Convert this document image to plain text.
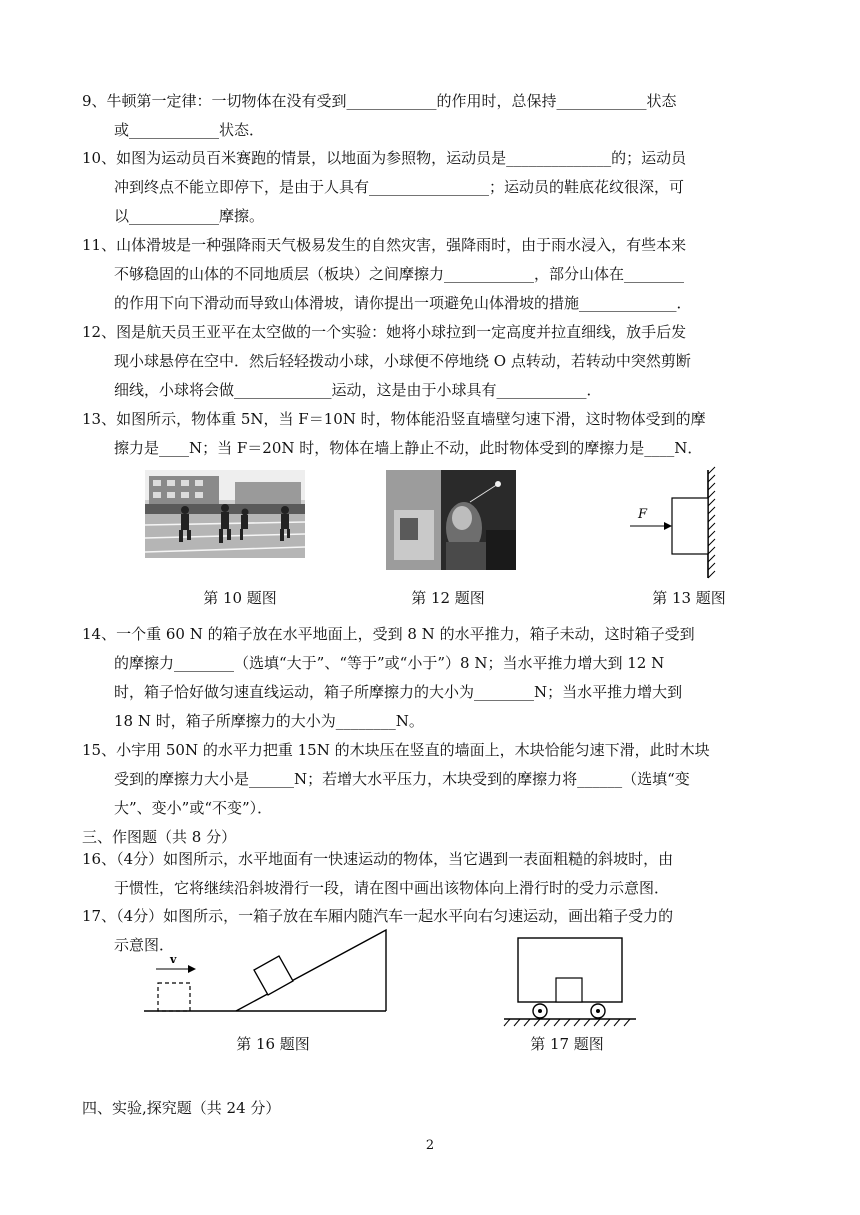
9、牛顿第一定律：一切物体在没有受到____________的作用时，总保持____________状态

或____________状态．

10、如图为运动员百米赛跑的情景，以地面为参照物，运动员是______________的；运动员

冲到终点不能立即停下，是由于人具有________________；运动员的鞋底花纹很深，可

以____________摩擦。

11、山体滑坡是一种强降雨天气极易发生的自然灾害，强降雨时，由于雨水浸入，有些本来

不够稳固的山体的不同地质层（板块）之间摩擦力____________，部分山体在________

的作用下向下滑动而导致山体滑坡，请你提出一项避免山体滑坡的措施_____________．

12、图是航天员王亚平在太空做的一个实验：她将小球拉到一定高度并拉直细线，放手后发

现小球悬停在空中．然后轻轻拨动小球，小球便不停地绕 O 点转动，若转动中突然剪断

细线，小球将会做_____________运动，这是由于小球具有____________．

13、如图所示，物体重 5N，当 F＝10N 时，物体能沿竖直墙壁匀速下滑，这时物体受到的摩

擦力是____N；当 F＝20N 时，物体在墙上静止不动，此时物体受到的摩擦力是____N．

F
第 10 题图	第 12 题图	第 13 题图

14、一个重 60 N 的箱子放在水平地面上，受到 8 N 的水平推力，箱子未动，这时箱子受到

的摩擦力________（选填“大于”、“等于”或“小于”）8 N；当水平推力增大到 12 N

时，箱子恰好做匀速直线运动，箱子所摩擦力的大小为________N；当水平推力增大到

18 N 时，箱子所摩擦力的大小为________N。

15、小宇用 50N 的水平力把重 15N 的木块压在竖直的墙面上，木块恰能匀速下滑，此时木块

受到的摩擦力大小是______N；若增大水平压力，木块受到的摩擦力将______（选填“变

大”、变小”或“不变”）．

三、作图题（共 8 分）

16、（4分）如图所示，水平地面有一快速运动的物体，当它遇到一表面粗糙的斜坡时，由

于惯性，它将继续沿斜坡滑行一段，请在图中画出该物体向上滑行时的受力示意图．

17、（4分）如图所示，一箱子放在车厢内随汽车一起水平向右匀速运动，画出箱子受力的

示意图．

v
第 16 题图	第 17 题图
四、实验,探究题（共 24 分）
2
